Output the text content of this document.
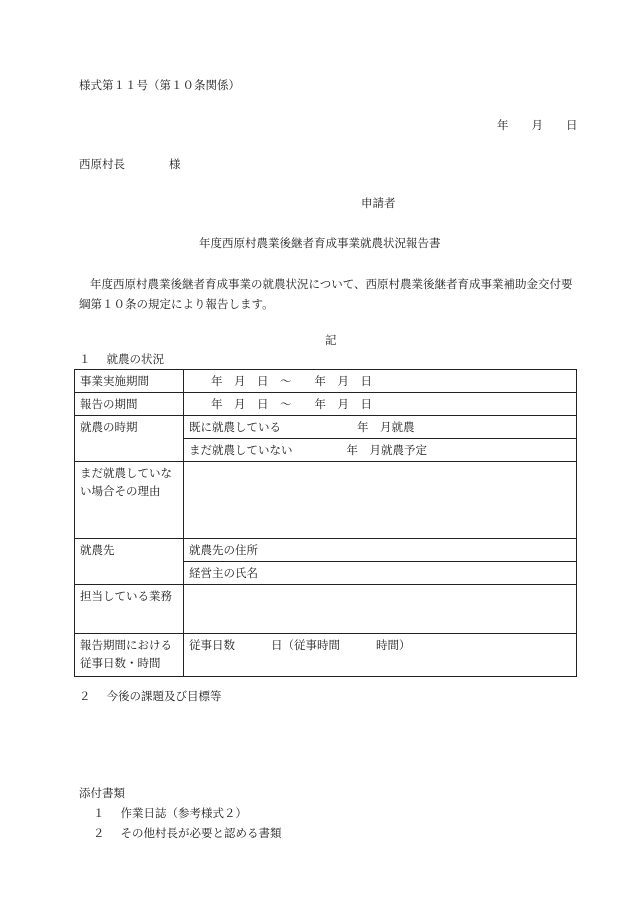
様式第１１号（第１０条関係）
年 月 日
西原村長	様
申請者
年度西原村農業後継者育成事業就農状況報告書
年度西原村農業後継者育成事業の就農状況について、西原村農業後継者育成事業補助金交付要綱第１０条の規定により報告します。
記
１ 就農の状況
事業実施期間	年　月　日　～　　年　月　日
報告の期間	年　月　日　～　　年　月　日
就農の時期	既に就農している 年　月就農
	まだ就農していない 年　月就農予定
まだ就農していない場合その理由	
就農先	就農先の住所
	経営主の氏名
担当している業務	
報告期間における従事日数・時間	従事日数 日（従事時間 時間）
２ 今後の課題及び目標等
添付書類
１ 作業日誌（参考様式２）
２ その他村長が必要と認める書類
